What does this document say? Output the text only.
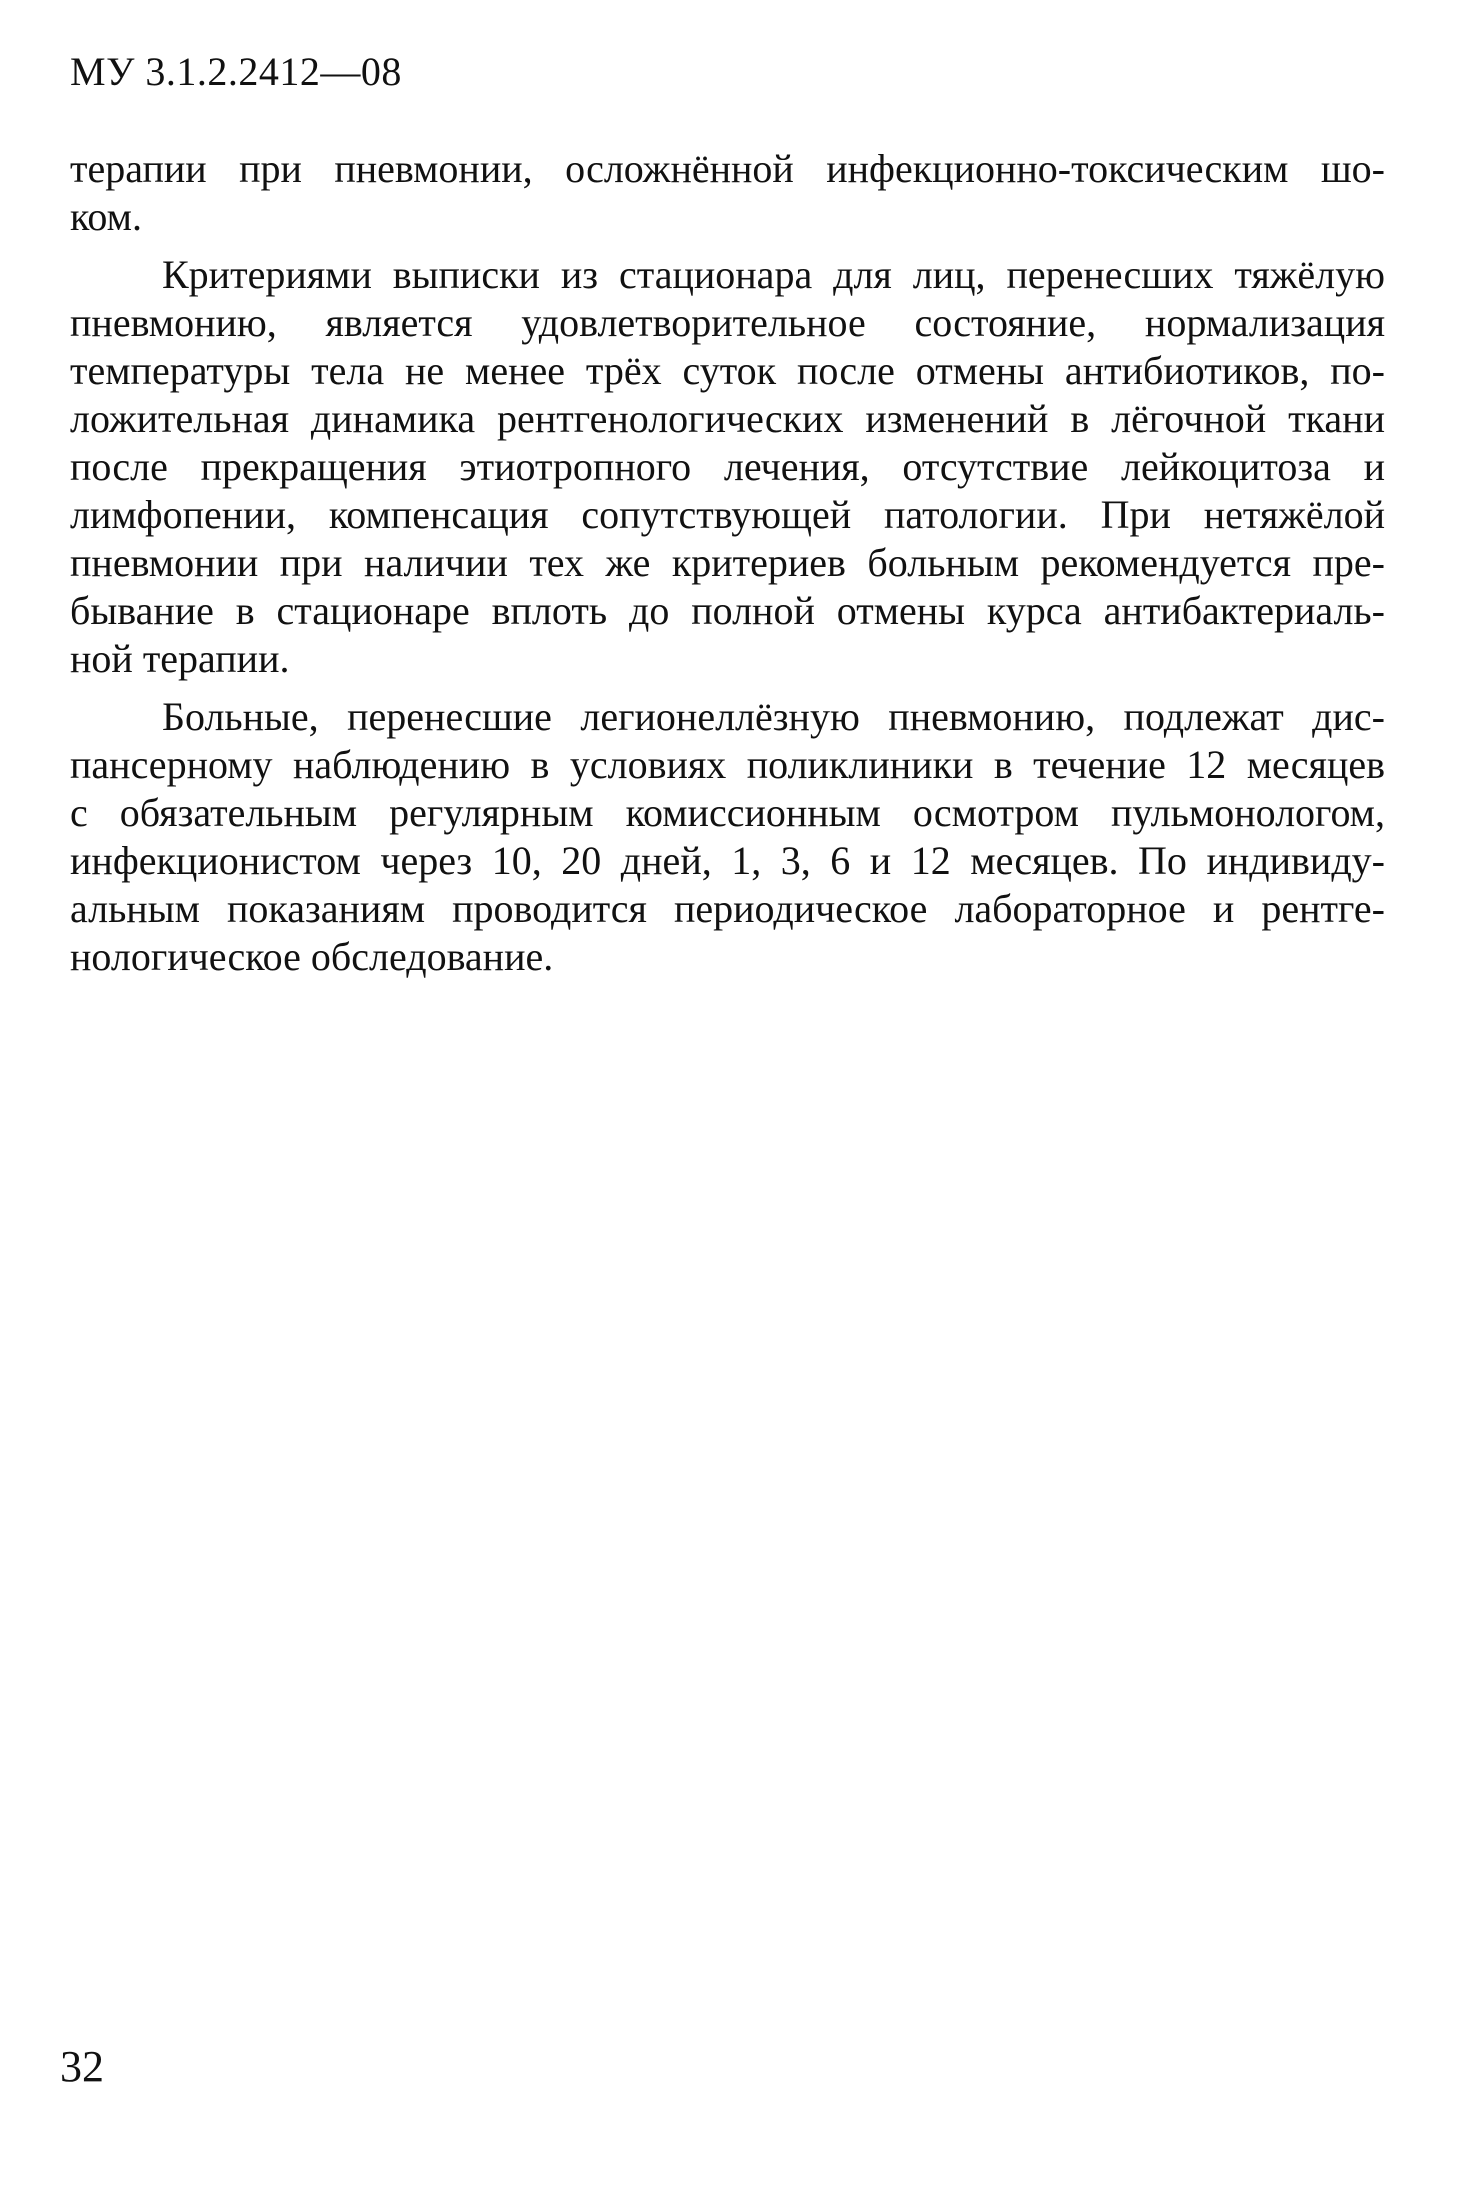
МУ 3.1.2.2412—08
терапии при пневмонии, осложнённой инфекционно-токсическим шо-
ком.
Критериями выписки из стационара для лиц, перенесших тяжёлую
пневмонию, является удовлетворительное состояние, нормализация
температуры тела не менее трёх суток после отмены антибиотиков, по-
ложительная динамика рентгенологических изменений в лёгочной ткани
после прекращения этиотропного лечения, отсутствие лейкоцитоза и
лимфопении, компенсация сопутствующей патологии. При нетяжёлой
пневмонии при наличии тех же критериев больным рекомендуется пре-
бывание в стационаре вплоть до полной отмены курса антибактериаль-
ной терапии.
Больные, перенесшие легионеллёзную пневмонию, подлежат дис-
пансерному наблюдению в условиях поликлиники в течение 12 месяцев
с обязательным регулярным комиссионным осмотром пульмонологом,
инфекционистом через 10, 20 дней, 1, 3, 6 и 12 месяцев. По индивиду-
альным показаниям проводится периодическое лабораторное и рентге-
нологическое обследование.
32
